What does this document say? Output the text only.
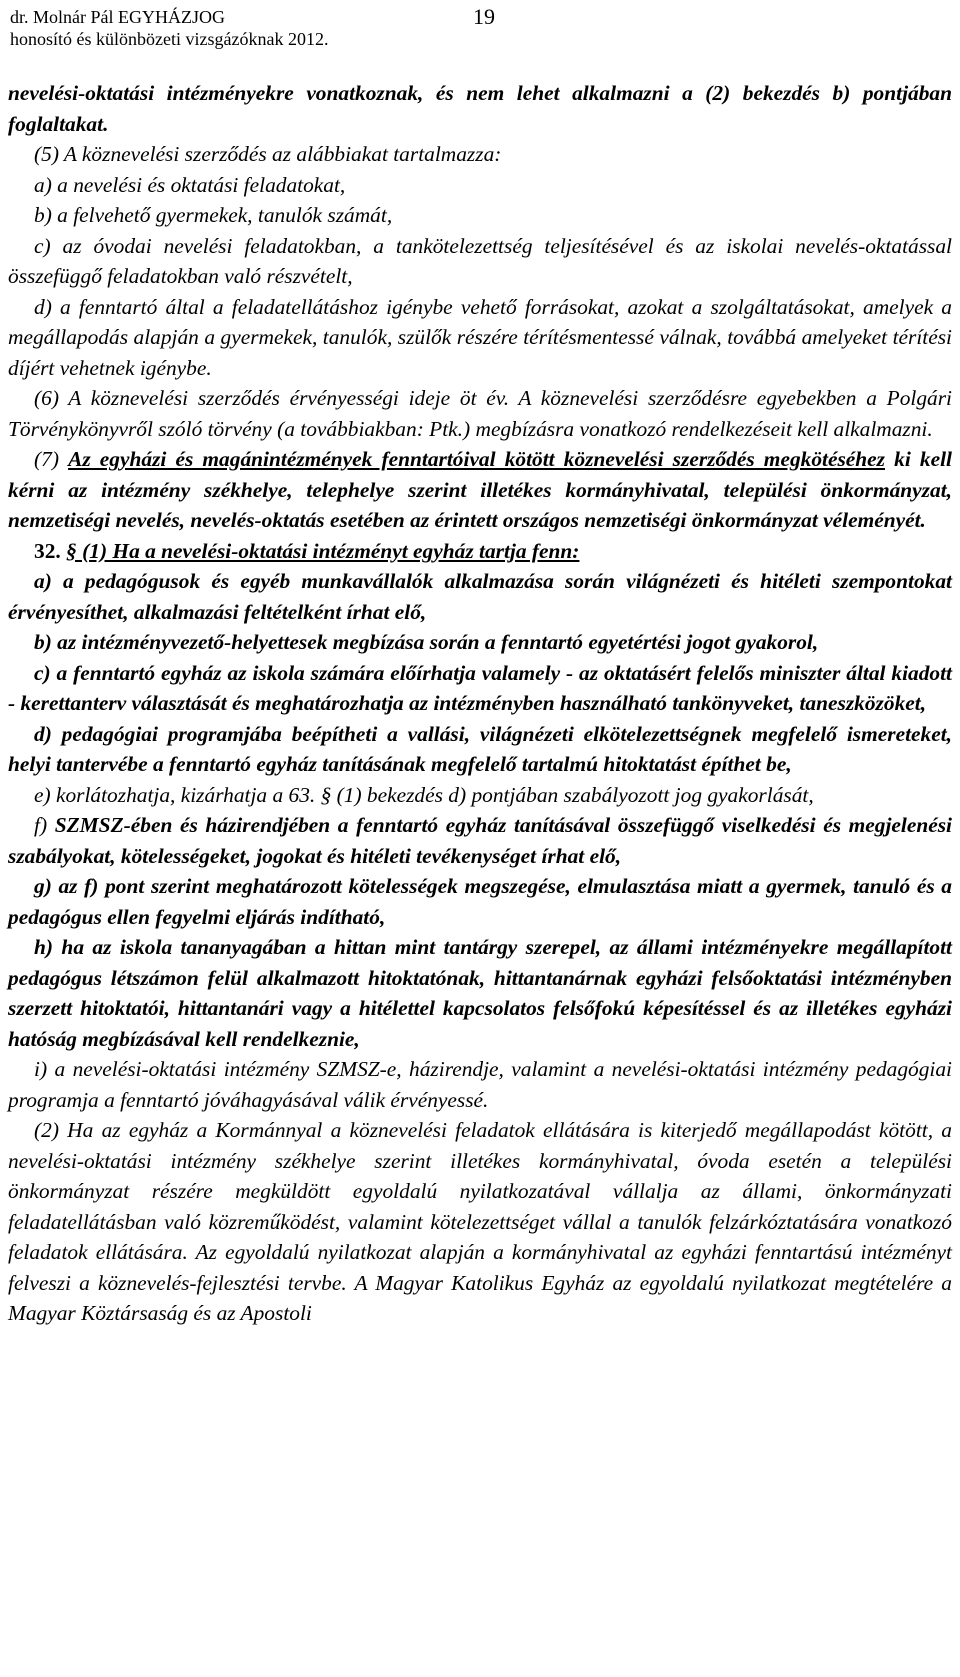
dr. Molnár Pál EGYHÁZJOG
honosító és különbözeti vizsgázóknak 2012.
19

nevelési-oktatási intézményekre vonatkoznak, és nem lehet alkalmazni a (2) bekezdés b) pontjában foglaltakat.

(5) A köznevelési szerződés az alábbiakat tartalmazza:

a) a nevelési és oktatási feladatokat,

b) a felvehető gyermekek, tanulók számát,

c) az óvodai nevelési feladatokban, a tankötelezettség teljesítésével és az iskolai nevelés-oktatással összefüggő feladatokban való részvételt,

d) a fenntartó által a feladatellátáshoz igénybe vehető forrásokat, azokat a szolgáltatásokat, amelyek a megállapodás alapján a gyermekek, tanulók, szülők részére térítésmentessé válnak, továbbá amelyeket térítési díjért vehetnek igénybe.

(6) A köznevelési szerződés érvényességi ideje öt év. A köznevelési szerződésre egyebekben a Polgári Törvénykönyvről szóló törvény (a továbbiakban: Ptk.) megbízásra vonatkozó rendelkezéseit kell alkalmazni.

(7) Az egyházi és magánintézmények fenntartóival kötött köznevelési szerződés megkötéséhez ki kell kérni az intézmény székhelye, telephelye szerint illetékes kormányhivatal, települési önkormányzat, nemzetiségi nevelés, nevelés-oktatás esetében az érintett országos nemzetiségi önkormányzat véleményét.

32. § (1) Ha a nevelési-oktatási intézményt egyház tartja fenn:

a) a pedagógusok és egyéb munkavállalók alkalmazása során világnézeti és hitéleti szempontokat érvényesíthet, alkalmazási feltételként írhat elő,

b) az intézményvezető-helyettesek megbízása során a fenntartó egyetértési jogot gyakorol,

c) a fenntartó egyház az iskola számára előírhatja valamely - az oktatásért felelős miniszter által kiadott - kerettanterv választását és meghatározhatja az intézményben használható tankönyveket, taneszközöket,

d) pedagógiai programjába beépítheti a vallási, világnézeti elkötelezettségnek megfelelő ismereteket, helyi tantervébe a fenntartó egyház tanításának megfelelő tartalmú hitoktatást építhet be,

e) korlátozhatja, kizárhatja a 63. § (1) bekezdés d) pontjában szabályozott jog gyakorlását,

f) SZMSZ-ében és házirendjében a fenntartó egyház tanításával összefüggő viselkedési és megjelenési szabályokat, kötelességeket, jogokat és hitéleti tevékenységet írhat elő,

g) az f) pont szerint meghatározott kötelességek megszegése, elmulasztása miatt a gyermek, tanuló és a pedagógus ellen fegyelmi eljárás indítható,

h) ha az iskola tananyagában a hittan mint tantárgy szerepel, az állami intézményekre megállapított pedagógus létszámon felül alkalmazott hitoktatónak, hittantanárnak egyházi felsőoktatási intézményben szerzett hitoktatói, hittantanári vagy a hitélettel kapcsolatos felsőfokú képesítéssel és az illetékes egyházi hatóság megbízásával kell rendelkeznie,

i) a nevelési-oktatási intézmény SZMSZ-e, házirendje, valamint a nevelési-oktatási intézmény pedagógiai programja a fenntartó jóváhagyásával válik érvényessé.

(2) Ha az egyház a Kormánnyal a köznevelési feladatok ellátására is kiterjedő megállapodást kötött, a nevelési-oktatási intézmény székhelye szerint illetékes kormányhivatal, óvoda esetén a települési önkormányzat részére megküldött egyoldalú nyilatkozatával vállalja az állami, önkormányzati feladatellátásban való közreműködést, valamint kötelezettséget vállal a tanulók felzárkóztatására vonatkozó feladatok ellátására. Az egyoldalú nyilatkozat alapján a kormányhivatal az egyházi fenntartású intézményt felveszi a köznevelés-fejlesztési tervbe. A Magyar Katolikus Egyház az egyoldalú nyilatkozat megtételére a Magyar Köztársaság és az Apostoli
